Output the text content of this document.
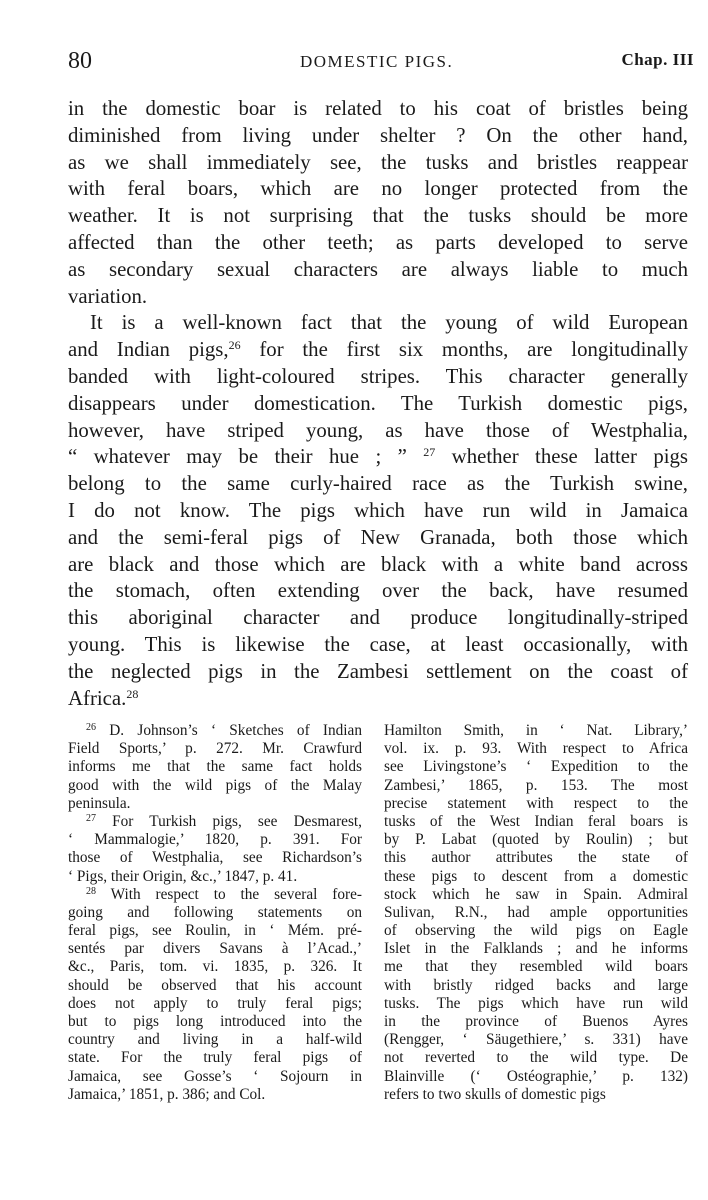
80	DOMESTIC PIGS.	Chap. III
in the domestic boar is related to his coat of bristles being
diminished from living under shelter ? On the other hand,
as we shall immediately see, the tusks and bristles reappear
with feral boars, which are no longer protected from the
weather. It is not surprising that the tusks should be more
affected than the other teeth; as parts developed to serve
as secondary sexual characters are always liable to much
variation.
It is a well-known fact that the young of wild European
and Indian pigs,$^{26}$ for the first six months, are longitudinally
banded with light-coloured stripes. This character generally
disappears under domestication. The Turkish domestic pigs,
however, have striped young, as have those of Westphalia,
“ whatever may be their hue ; ” $^{27}$ whether these latter pigs
belong to the same curly-haired race as the Turkish swine,
I do not know. The pigs which have run wild in Jamaica
and the semi-feral pigs of New Granada, both those which
are black and those which are black with a white band across
the stomach, often extending over the back, have resumed
this aboriginal character and produce longitudinally-striped
young. This is likewise the case, at least occasionally, with
the neglected pigs in the Zambesi settlement on the coast of
Africa.$^{28}$
$^{26}$ D. Johnson’s ‘ Sketches of Indian
Field Sports,’ p. 272. Mr. Crawfurd
informs me that the same fact holds
good with the wild pigs of the Malay
peninsula.
$^{27}$ For Turkish pigs, see Desmarest,
‘ Mammalogie,’ 1820, p. 391. For
those of Westphalia, see Richardson’s
‘ Pigs, their Origin, &c.,’ 1847, p. 41.
$^{28}$ With respect to the several fore-
going and following statements on
feral pigs, see Roulin, in ‘ Mém. pré-
sentés par divers Savans à l’Acad.,’
&c., Paris, tom. vi. 1835, p. 326. It
should be observed that his account
does not apply to truly feral pigs;
but to pigs long introduced into the
country and living in a half-wild
state. For the truly feral pigs of
Jamaica, see Gosse’s ‘ Sojourn in
Jamaica,’ 1851, p. 386; and Col.
Hamilton Smith, in ‘ Nat. Library,’
vol. ix. p. 93. With respect to Africa
see Livingstone’s ‘ Expedition to the
Zambesi,’ 1865, p. 153. The most
precise statement with respect to the
tusks of the West Indian feral boars is
by P. Labat (quoted by Roulin) ; but
this author attributes the state of
these pigs to descent from a domestic
stock which he saw in Spain. Admiral
Sulivan, R.N., had ample opportunities
of observing the wild pigs on Eagle
Islet in the Falklands ; and he informs
me that they resembled wild boars
with bristly ridged backs and large
tusks. The pigs which have run wild
in the province of Buenos Ayres
(Rengger, ‘ Säugethiere,’ s. 331) have
not reverted to the wild type. De
Blainville (‘ Ostéographie,’ p. 132)
refers to two skulls of domestic pigs
